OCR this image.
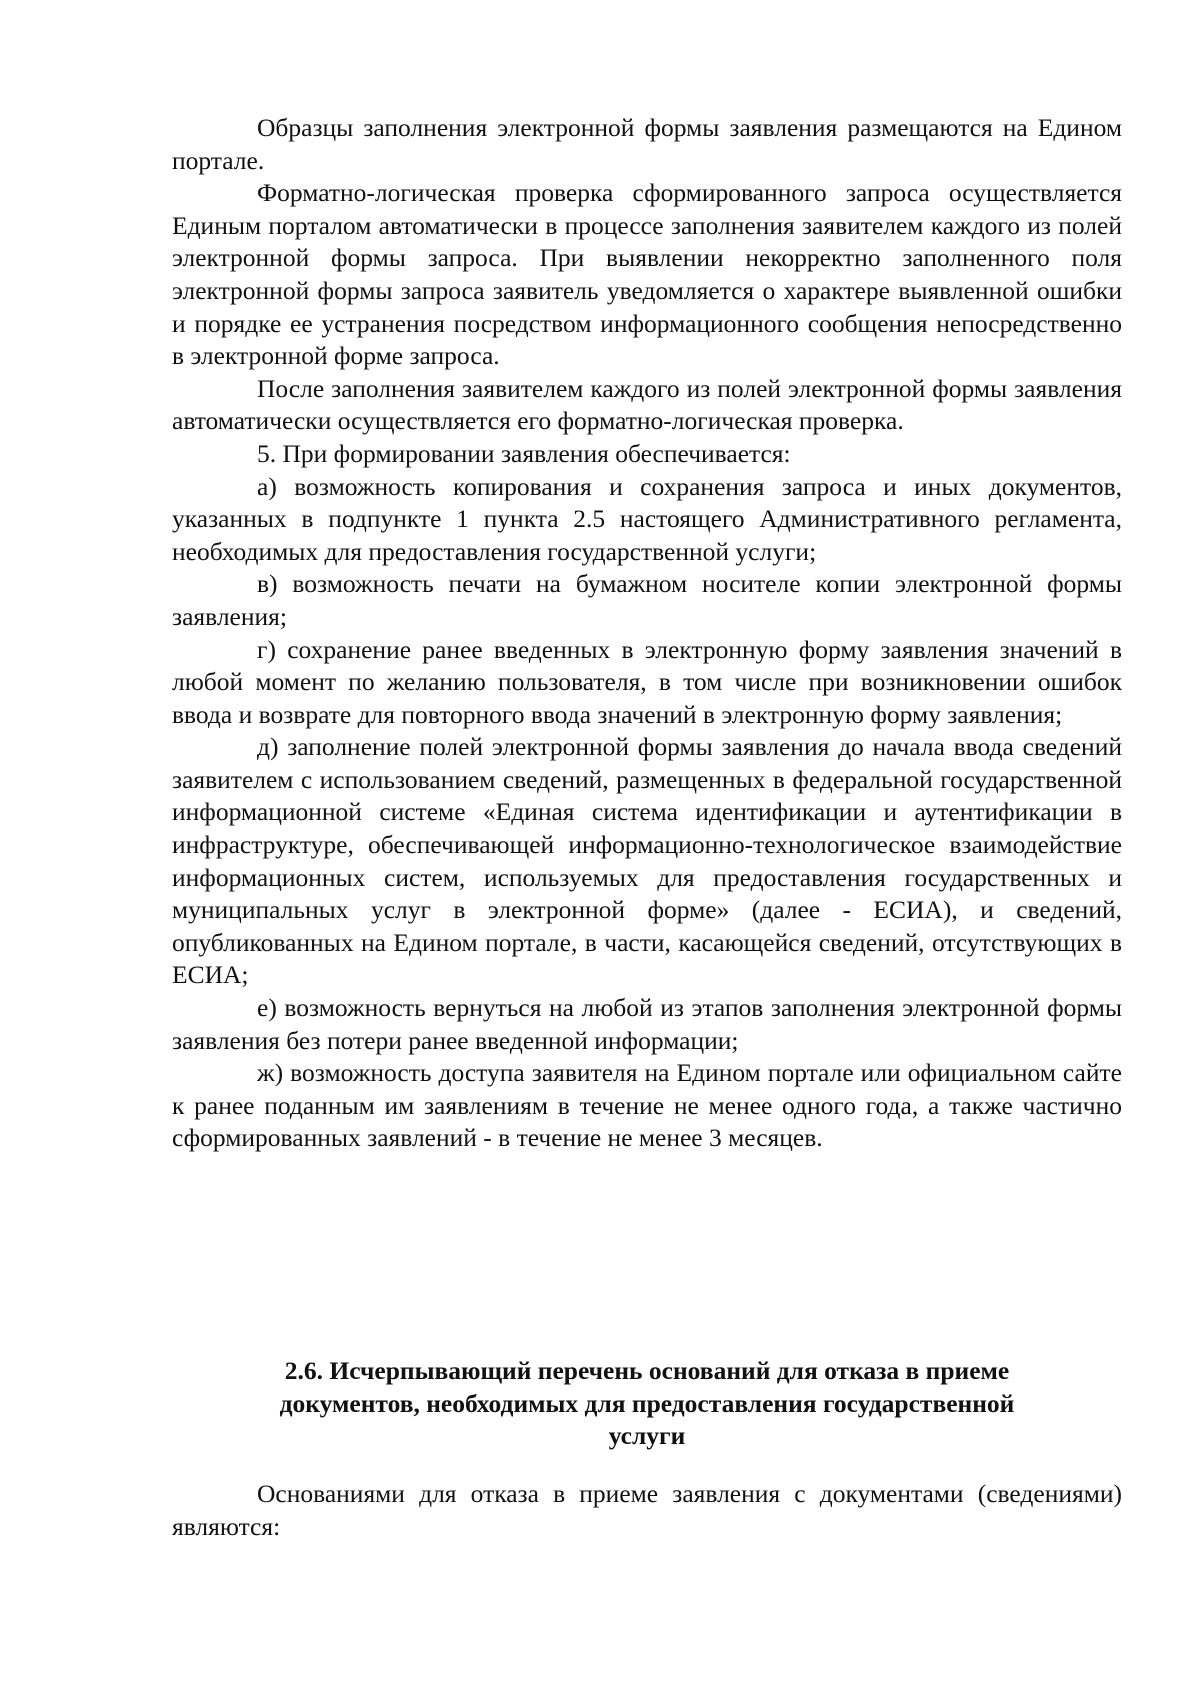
Образцы заполнения электронной формы заявления размещаются на Едином портале.

Форматно-логическая проверка сформированного запроса осуществляется Единым порталом автоматически в процессе заполнения заявителем каждого из полей электронной формы запроса. При выявлении некорректно заполненного поля электронной формы запроса заявитель уведомляется о характере выявленной ошибки и порядке ее устранения посредством информационного сообщения непосредственно в электронной форме запроса.

После заполнения заявителем каждого из полей электронной формы заявления автоматически осуществляется его форматно-логическая проверка.

5. При формировании заявления обеспечивается:

а) возможность копирования и сохранения запроса и иных документов, указанных в подпункте 1 пункта 2.5 настоящего Административного регламента, необходимых для предоставления государственной услуги;

в) возможность печати на бумажном носителе копии электронной формы заявления;

г) сохранение ранее введенных в электронную форму заявления значений в любой момент по желанию пользователя, в том числе при возникновении ошибок ввода и возврате для повторного ввода значений в электронную форму заявления;

д) заполнение полей электронной формы заявления до начала ввода сведений заявителем с использованием сведений, размещенных в федеральной государственной информационной системе «Единая система идентификации и аутентификации в инфраструктуре, обеспечивающей информационно-технологическое взаимодействие информационных систем, используемых для предоставления государственных и муниципальных услуг в электронной форме» (далее - ЕСИА), и сведений, опубликованных на Едином портале, в части, касающейся сведений, отсутствующих в ЕСИА;

е) возможность вернуться на любой из этапов заполнения электронной формы заявления без потери ранее введенной информации;

ж) возможность доступа заявителя на Едином портале или официальном сайте к ранее поданным им заявлениям в течение не менее одного года, а также частично сформированных заявлений - в течение не менее 3 месяцев.

2.6. Исчерпывающий перечень оснований для отказа в приеме
документов, необходимых для предоставления государственной
услуги

Основаниями для отказа в приеме заявления с документами (сведениями) являются:
